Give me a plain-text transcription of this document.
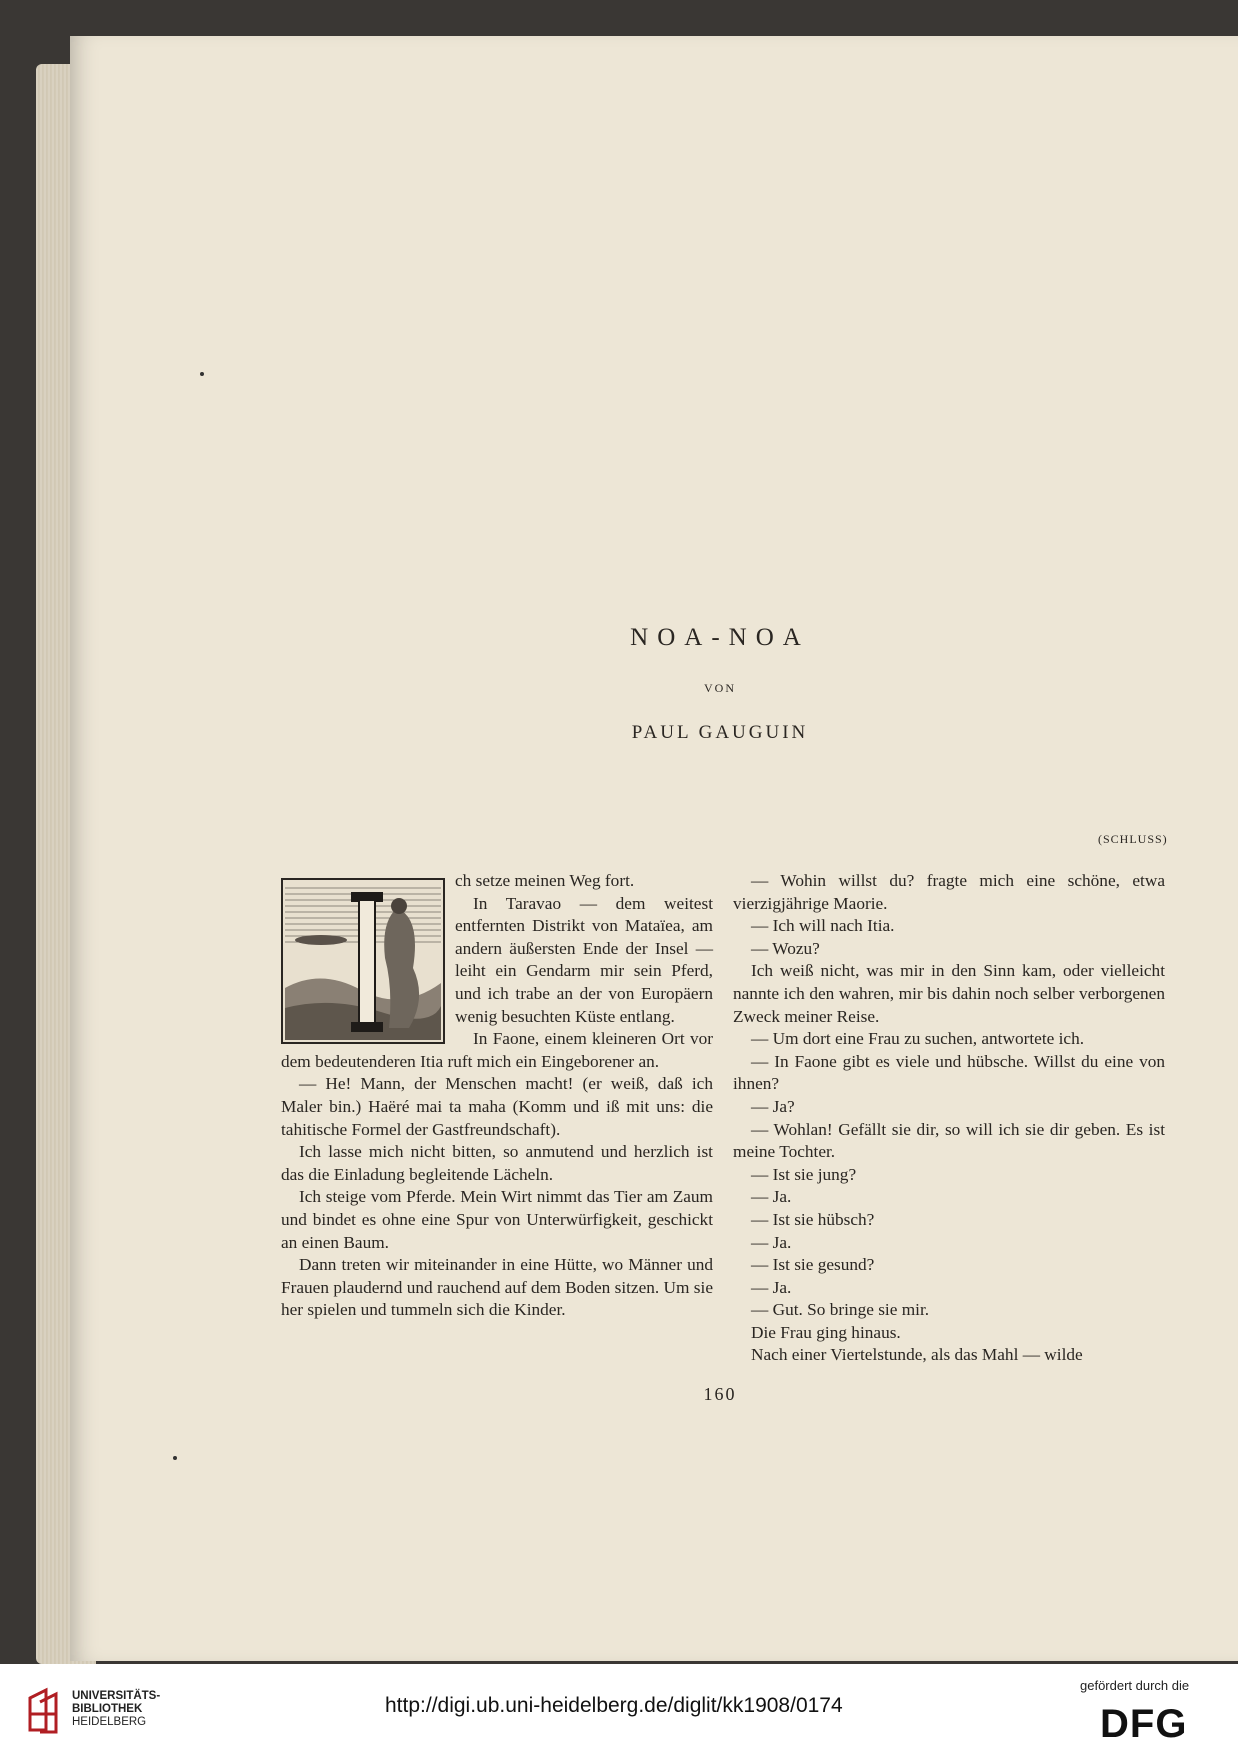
NOA-NOA
VON
PAUL GAUGUIN
(SCHLUSS)

ch setze meinen Weg fort.

In Taravao — dem weitest entfernten Distrikt von Mataïea, am andern äußersten Ende der Insel — leiht ein Gendarm mir sein Pferd, und ich trabe an der von Europäern wenig besuchten Küste entlang.

In Faone, einem kleineren Ort vor dem bedeutenderen Itia ruft mich ein Eingeborener an.

— He! Mann, der Menschen macht! (er weiß, daß ich Maler bin.) Haëré mai ta maha (Komm und iß mit uns: die tahitische Formel der Gastfreundschaft).

Ich lasse mich nicht bitten, so anmutend und herzlich ist das die Einladung begleitende Lächeln.

Ich steige vom Pferde. Mein Wirt nimmt das Tier am Zaum und bindet es ohne eine Spur von Unterwürfigkeit, geschickt an einen Baum.

Dann treten wir miteinander in eine Hütte, wo Männer und Frauen plaudernd und rauchend auf dem Boden sitzen. Um sie her spielen und tummeln sich die Kinder.

— Wohin willst du? fragte mich eine schöne, etwa vierzigjährige Maorie.

— Ich will nach Itia.

— Wozu?

Ich weiß nicht, was mir in den Sinn kam, oder vielleicht nannte ich den wahren, mir bis dahin noch selber verborgenen Zweck meiner Reise.

— Um dort eine Frau zu suchen, antwortete ich.

— In Faone gibt es viele und hübsche. Willst du eine von ihnen?

— Ja?

— Wohlan! Gefällt sie dir, so will ich sie dir geben. Es ist meine Tochter.

— Ist sie jung?

— Ja.

— Ist sie hübsch?

— Ja.

— Ist sie gesund?

— Ja.

— Gut. So bringe sie mir.

Die Frau ging hinaus.

Nach einer Viertelstunde, als das Mahl — wilde

160
UNIVERSITÄTS-
BIBLIOTHEK
HEIDELBERG
http://digi.ub.uni-heidelberg.de/diglit/kk1908/0174
gefördert durch die
DFG
